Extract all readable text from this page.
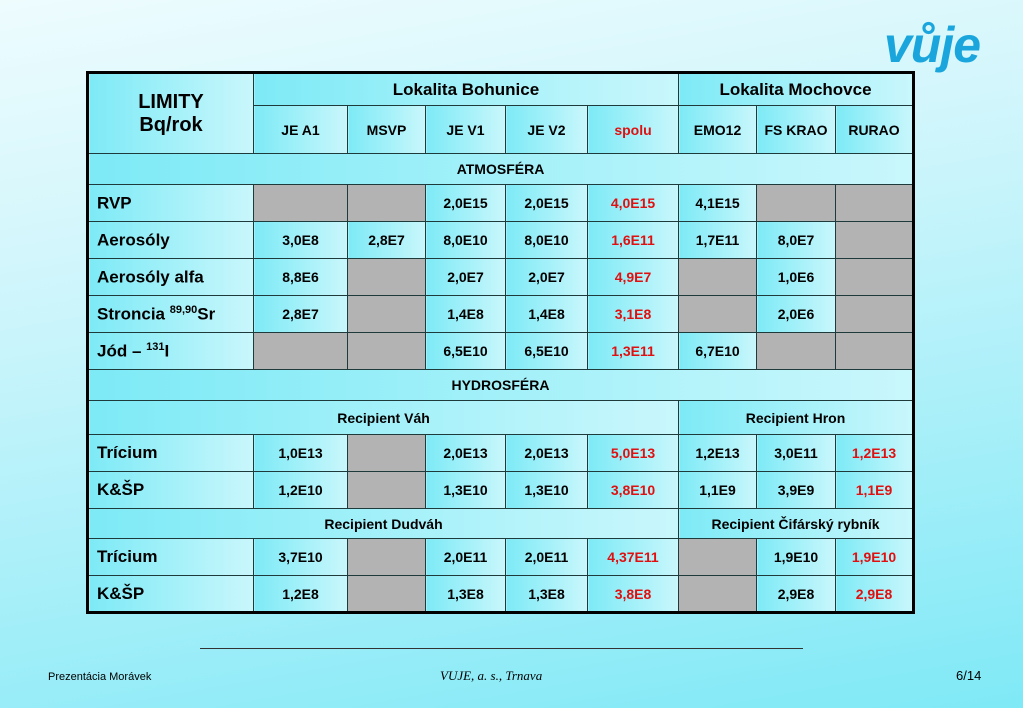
vůje
LIMITY
Bq/rok	Lokalita Bohunice					Lokalita Mochovce		
	JE A1	MSVP	JE V1	JE V2	spolu	EMO12	FS KRAO	RURAO
ATMOSFÉRA								
RVP			2,0E15	2,0E15	4,0E15	4,1E15		
Aerosóly	3,0E8	2,8E7	8,0E10	8,0E10	1,6E11	1,7E11	8,0E7	
Aerosóly alfa	8,8E6		2,0E7	2,0E7	4,9E7		1,0E6	
Stroncia $^{89,90}$Sr	2,8E7		1,4E8	1,4E8	3,1E8		2,0E6	
Jód – $^{131}$I			6,5E10	6,5E10	1,3E11	6,7E10		
HYDROSFÉRA								
Recipient Váh						Recipient Hron		
Trícium	1,0E13		2,0E13	2,0E13	5,0E13	1,2E13	3,0E11	1,2E13
K&ŠP	1,2E10		1,3E10	1,3E10	3,8E10	1,1E9	3,9E9	1,1E9
Recipient Dudváh						Recipient Čifárský rybník		
Trícium	3,7E10		2,0E11	2,0E11	4,37E11		1,9E10	1,9E10
K&ŠP	1,2E8		1,3E8	1,3E8	3,8E8		2,9E8	2,9E8
Prezentácia Morávek	VUJE, a. s., Trnava	6/14
